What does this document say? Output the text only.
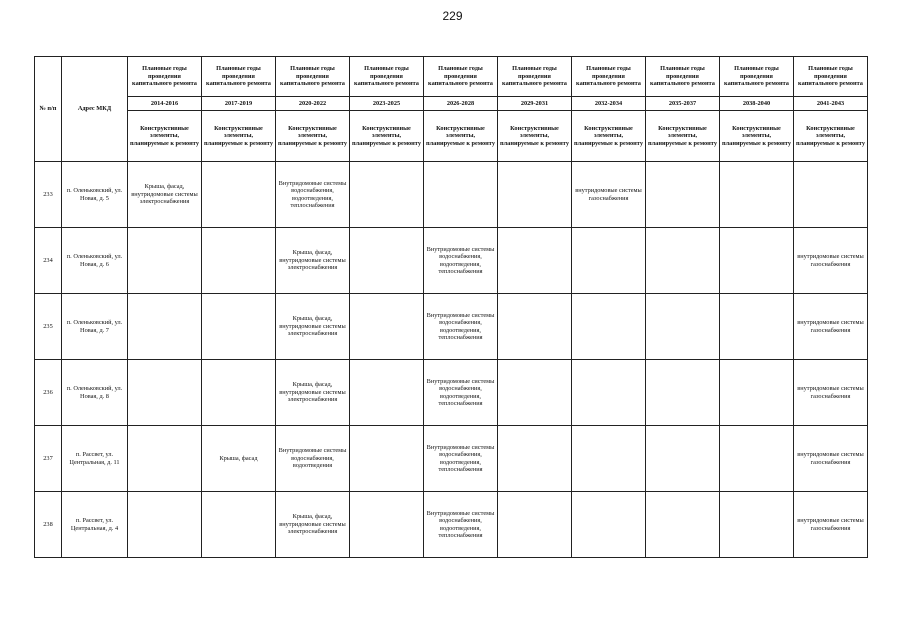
229
№ п/п	Адрес МКД	Плановые годы проведения капитального ремонта	Плановые годы проведения капитального ремонта	Плановые годы проведения капитального ремонта	Плановые годы проведения капитального ремонта	Плановые годы проведения капитального ремонта	Плановые годы проведения капитального ремонта	Плановые годы проведения капитального ремонта	Плановые годы проведения капитального ремонта	Плановые годы проведения капитального ремонта	Плановые годы проведения капитального ремонта
		2014-2016	2017-2019	2020-2022	2023-2025	2026-2028	2029-2031	2032-2034	2035-2037	2038-2040	2041-2043
		Конструктивные элементы, планируемые к ремонту	Конструктивные элементы, планируемые к ремонту	Конструктивные элементы, планируемые к ремонту	Конструктивные элементы, планируемые к ремонту	Конструктивные элементы, планируемые к ремонту	Конструктивные элементы, планируемые к ремонту	Конструктивные элементы, планируемые к ремонту	Конструктивные элементы, планируемые к ремонту	Конструктивные элементы, планируемые к ремонту	Конструктивные элементы, планируемые к ремонту
233	п. Оленьковский, ул. Новая, д. 5	Крыша, фасад, внутридомовые системы электроснабжения		Внутридомовые системы водоснабжения, водоотведения, теплоснабжения				внутридомовые системы газоснабжения			
234	п. Оленьковский, ул. Новая, д. 6			Крыша, фасад, внутридомовые системы электроснабжения		Внутридомовые системы водоснабжения, водоотведения, теплоснабжения					внутридомовые системы газоснабжения
235	п. Оленьковский, ул. Новая, д. 7			Крыша, фасад, внутридомовые системы электроснабжения		Внутридомовые системы водоснабжения, водоотведения, теплоснабжения					внутридомовые системы газоснабжения
236	п. Оленьковский, ул. Новая, д. 8			Крыша, фасад, внутридомовые системы электроснабжения		Внутридомовые системы водоснабжения, водоотведения, теплоснабжения					внутридомовые системы газоснабжения
237	п. Рассвет, ул. Центральная, д. 11		Крыша, фасад	Внутридомовые системы водоснабжения, водоотведения		Внутридомовые системы водоснабжения, водоотведения, теплоснабжения					внутридомовые системы газоснабжения
238	п. Рассвет, ул. Центральная, д. 4			Крыша, фасад, внутридомовые системы электроснабжения		Внутридомовые системы водоснабжения, водоотведения, теплоснабжения					внутридомовые системы газоснабжения
